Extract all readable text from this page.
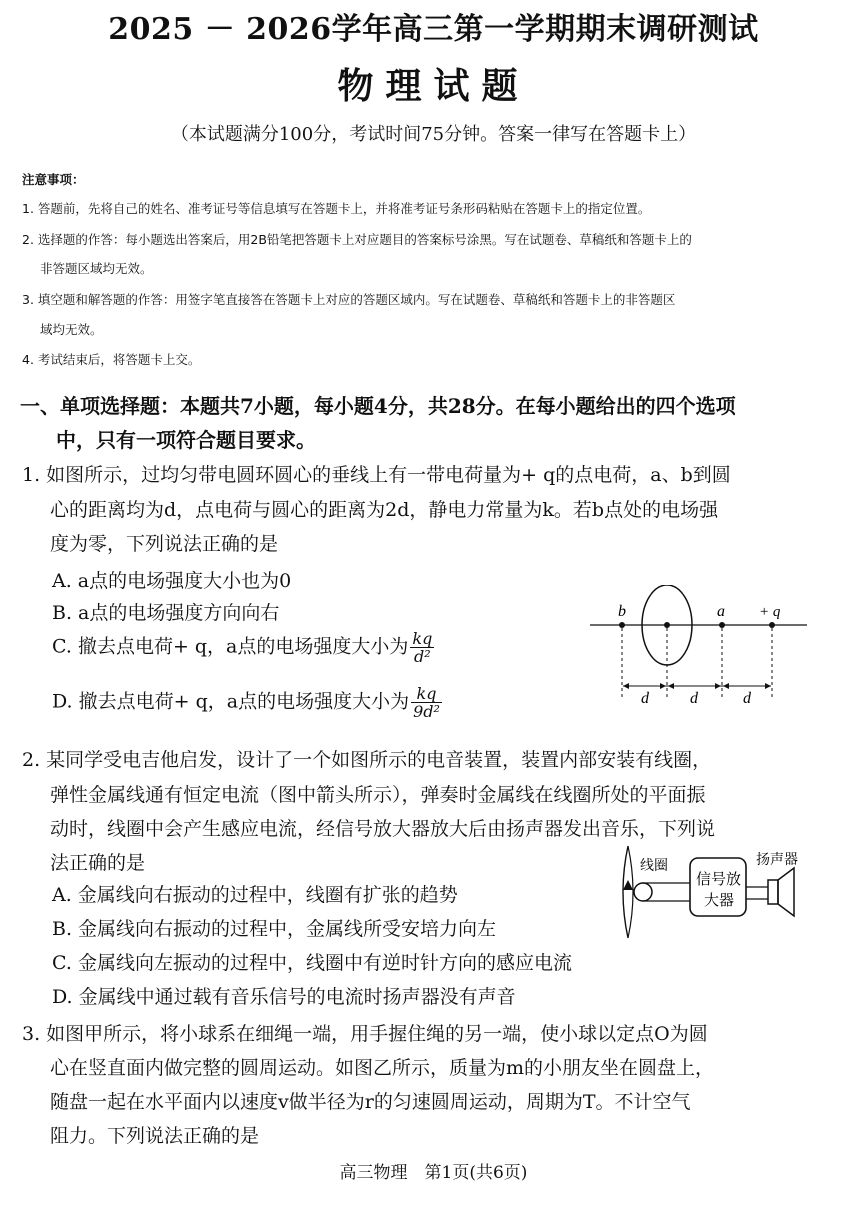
2025 － 2026学年高三第一学期期末调研测试
物理试题
（本试题满分100分，考试时间75分钟。答案一律写在答题卡上）
注意事项：
1. 答题前，先将自己的姓名、准考证号等信息填写在答题卡上，并将准考证号条形码粘贴在答题卡上的指定位置。
2. 选择题的作答：每小题选出答案后，用2B铅笔把答题卡上对应题目的答案标号涂黑。写在试题卷、草稿纸和答题卡上的
非答题区域均无效。
3. 填空题和解答题的作答：用签字笔直接答在答题卡上对应的答题区域内。写在试题卷、草稿纸和答题卡上的非答题区
域均无效。
4. 考试结束后，将答题卡上交。
一、单项选择题：本题共7小题，每小题4分，共28分。在每小题给出的四个选项
中，只有一项符合题目要求。
1. 如图所示，过均匀带电圆环圆心的垂线上有一带电荷量为+ q的点电荷，a、b到圆
心的距离均为d，点电荷与圆心的距离为2d，静电力常量为k。若b点处的电场强
度为零，下列说法正确的是
A. a点的电场强度大小也为0
B. a点的电场强度方向向右
C. 撤去点电荷+ q，a点的电场强度大小为 $\frac{kq}{\text{d²}}$
D. 撤去点电荷+ q，a点的电场强度大小为 $\frac{kq}{\text{9d²}}$
b	a + q
d	d	d
2. 某同学受电吉他启发，设计了一个如图所示的电音装置，装置内部安装有线圈，
弹性金属线通有恒定电流（图中箭头所示），弹奏时金属线在线圈所处的平面振
动时，线圈中会产生感应电流，经信号放大器放大后由扬声器发出音乐，下列说
法正确的是
A. 金属线向右振动的过程中，线圈有扩张的趋势
B. 金属线向右振动的过程中，金属线所受安培力向左
C. 金属线向左振动的过程中，线圈中有逆时针方向的感应电流
D. 金属线中通过载有音乐信号的电流时扬声器没有声音
线圈
信号放
大器
扬声器
3. 如图甲所示，将小球系在细绳一端，用手握住绳的另一端，使小球以定点O为圆
心在竖直面内做完整的圆周运动。如图乙所示，质量为m的小朋友坐在圆盘上，
随盘一起在水平面内以速度v做半径为r的匀速圆周运动，周期为T。不计空气
阻力。下列说法正确的是
高三物理　第1页(共6页)
